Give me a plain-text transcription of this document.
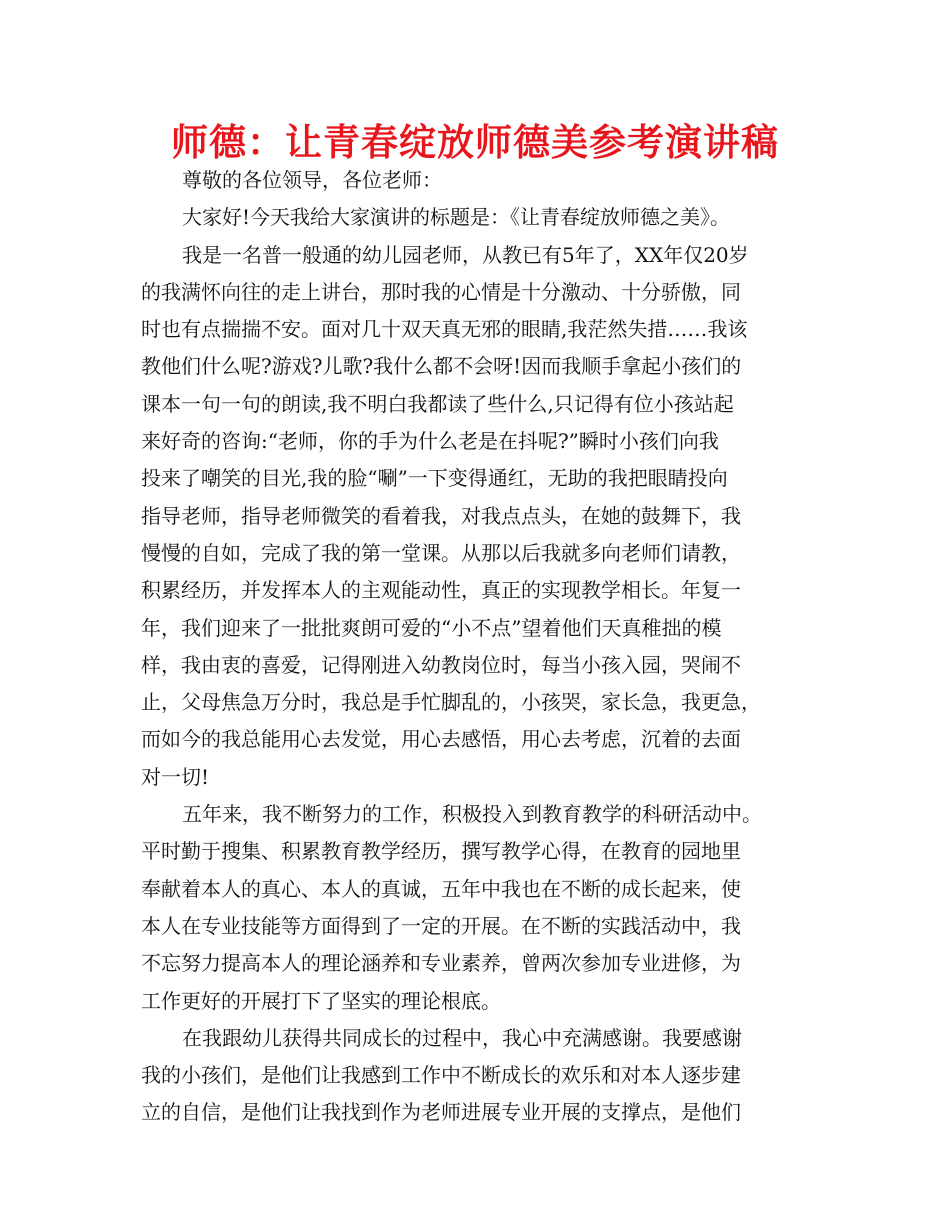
师德：让青春绽放师德美参考演讲稿
尊敬的各位领导，各位老师：
大家好!今天我给大家演讲的标题是：《让青春绽放师德之美》。
我是一名普一般通的幼儿园老师，从教已有5年了，XX年仅20岁
的我满怀向往的走上讲台，那时我的心情是十分激动、十分骄傲，同
时也有点揣揣不安。面对几十双天真无邪的眼睛,我茫然失措……我该
教他们什么呢?游戏?儿歌?我什么都不会呀!因而我顺手拿起小孩们的
课本一句一句的朗读,我不明白我都读了些什么,只记得有位小孩站起
来好奇的咨询:“老师，你的手为什么老是在抖呢?”瞬时小孩们向我
投来了嘲笑的目光,我的脸“唰”一下变得通红，无助的我把眼睛投向
指导老师，指导老师微笑的看着我，对我点点头，在她的鼓舞下，我
慢慢的自如，完成了我的第一堂课。从那以后我就多向老师们请教，
积累经历，并发挥本人的主观能动性，真正的实现教学相长。年复一
年，我们迎来了一批批爽朗可爱的“小不点”望着他们天真稚拙的模
样，我由衷的喜爱，记得刚进入幼教岗位时，每当小孩入园，哭闹不
止，父母焦急万分时，我总是手忙脚乱的，小孩哭，家长急，我更急，
而如今的我总能用心去发觉，用心去感悟，用心去考虑，沉着的去面
对一切!
五年来，我不断努力的工作，积极投入到教育教学的科研活动中。
平时勤于搜集、积累教育教学经历，撰写教学心得，在教育的园地里
奉献着本人的真心、本人的真诚，五年中我也在不断的成长起来，使
本人在专业技能等方面得到了一定的开展。在不断的实践活动中，我
不忘努力提高本人的理论涵养和专业素养，曾两次参加专业进修，为
工作更好的开展打下了坚实的理论根底。
在我跟幼儿获得共同成长的过程中，我心中充满感谢。我要感谢
我的小孩们，是他们让我感到工作中不断成长的欢乐和对本人逐步建
立的自信，是他们让我找到作为老师进展专业开展的支撑点，是他们
